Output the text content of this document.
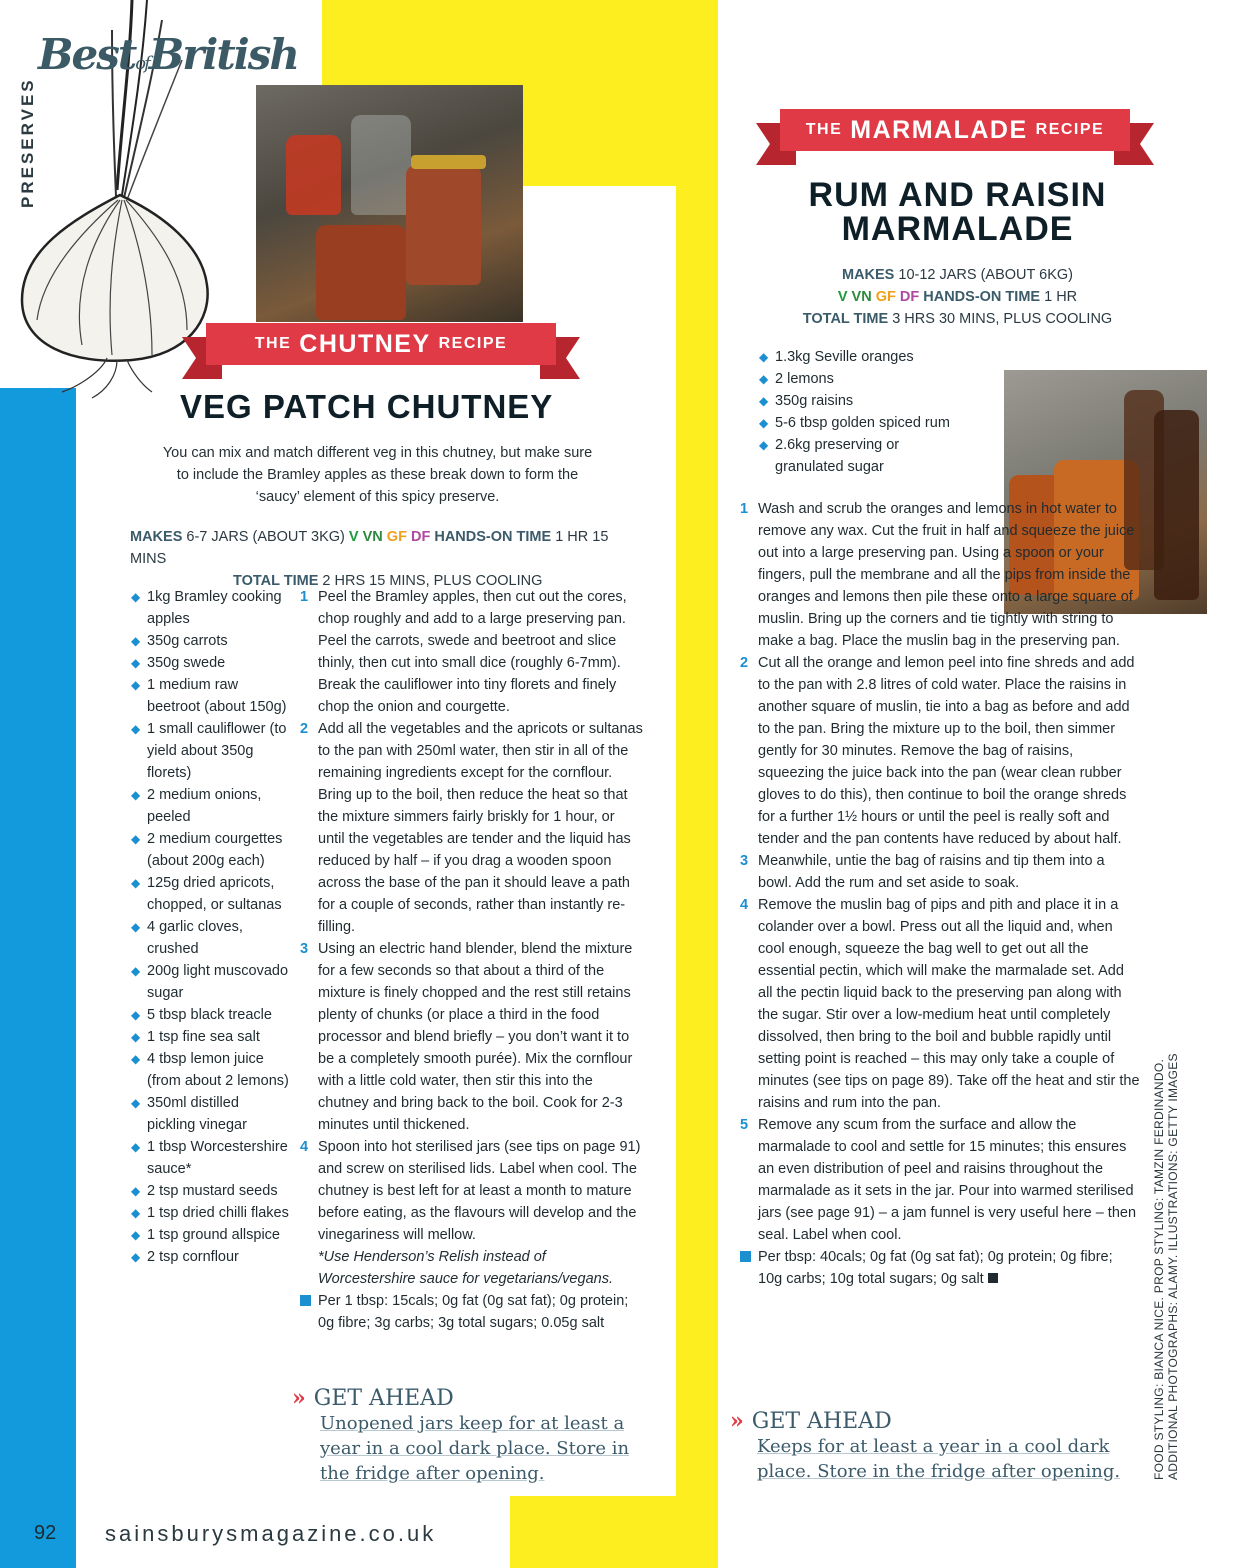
BestofBritish
PRESERVES
THE CHUTNEY RECIPE
VEG PATCH CHUTNEY
You can mix and match different veg in this chutney, but make sure to include the Bramley apples as these break down to form the ‘saucy’ element of this spicy preserve.
MAKES 6-7 JARS (ABOUT 3KG) V VN GF DF HANDS-ON TIME 1 HR 15 MINS
TOTAL TIME 2 HRS 15 MINS, PLUS COOLING
◆ 1kg Bramley cooking apples
◆ 350g carrots
◆ 350g swede
◆ 1 medium raw beetroot (about 150g)
◆ 1 small cauliflower (to yield about 350g florets)
◆ 2 medium onions, peeled
◆ 2 medium courgettes (about 200g each)
◆ 125g dried apricots, chopped, or sultanas
◆ 4 garlic cloves, crushed
◆ 200g light muscovado sugar
◆ 5 tbsp black treacle
◆ 1 tsp fine sea salt
◆ 4 tbsp lemon juice (from about 2 lemons)
◆ 350ml distilled pickling vinegar
◆ 1 tbsp Worcestershire sauce*
◆ 2 tsp mustard seeds
◆ 1 tsp dried chilli flakes
◆ 1 tsp ground allspice
◆ 2 tsp cornflour
1 Peel the Bramley apples, then cut out the cores, chop roughly and add to a large preserving pan. Peel the carrots, swede and beetroot and slice thinly, then cut into small dice (roughly 6-7mm). Break the cauliflower into tiny florets and finely chop the onion and courgette.
2 Add all the vegetables and the apricots or sultanas to the pan with 250ml water, then stir in all of the remaining ingredients except for the cornflour. Bring up to the boil, then reduce the heat so that the mixture simmers fairly briskly for 1 hour, or until the vegetables are tender and the liquid has reduced by half – if you drag a wooden spoon across the base of the pan it should leave a path for a couple of seconds, rather than instantly re-filling.
3 Using an electric hand blender, blend the mixture for a few seconds so that about a third of the mixture is finely chopped and the rest still retains plenty of chunks (or place a third in the food processor and blend briefly – you don’t want it to be a completely smooth purée). Mix the cornflour with a little cold water, then stir this into the chutney and bring back to the boil. Cook for 2-3 minutes until thickened.
4 Spoon into hot sterilised jars (see tips on page 91) and screw on sterilised lids. Label when cool. The chutney is best left for at least a month to mature before eating, as the flavours will develop and the vinegariness will mellow.
*Use Henderson’s Relish instead of Worcestershire sauce for vegetarians/vegans.
Per 1 tbsp: 15cals; 0g fat (0g sat fat); 0g protein; 0g fibre; 3g carbs; 3g total sugars; 0.05g salt
» GET AHEAD
Unopened jars keep for at least a year in a cool dark place. Store in the fridge after opening.
THE MARMALADE RECIPE
RUM AND RAISIN
MARMALADE
MAKES 10-12 JARS (ABOUT 6KG)
V VN GF DF HANDS-ON TIME 1 HR
TOTAL TIME 3 HRS 30 MINS, PLUS COOLING
◆ 1.3kg Seville oranges
◆ 2 lemons
◆ 350g raisins
◆ 5-6 tbsp golden spiced rum
◆ 2.6kg preserving or granulated sugar
1 Wash and scrub the oranges and lemons in hot water to remove any wax. Cut the fruit in half and squeeze the juice out into a large preserving pan. Using a spoon or your fingers, pull the membrane and all the pips from inside the oranges and lemons then pile these onto a large square of muslin. Bring up the corners and tie tightly with string to make a bag. Place the muslin bag in the preserving pan.
2 Cut all the orange and lemon peel into fine shreds and add to the pan with 2.8 litres of cold water. Place the raisins in another square of muslin, tie into a bag as before and add to the pan. Bring the mixture up to the boil, then simmer gently for 30 minutes. Remove the bag of raisins, squeezing the juice back into the pan (wear clean rubber gloves to do this), then continue to boil the orange shreds for a further 1½ hours or until the peel is really soft and tender and the pan contents have reduced by about half.
3 Meanwhile, untie the bag of raisins and tip them into a bowl. Add the rum and set aside to soak.
4 Remove the muslin bag of pips and pith and place it in a colander over a bowl. Press out all the liquid and, when cool enough, squeeze the bag well to get out all the essential pectin, which will make the marmalade set. Add all the pectin liquid back to the preserving pan along with the sugar. Stir over a low-medium heat until completely dissolved, then bring to the boil and bubble rapidly until setting point is reached – this may only take a couple of minutes (see tips on page 89). Take off the heat and stir the raisins and rum into the pan.
5 Remove any scum from the surface and allow the marmalade to cool and settle for 15 minutes; this ensures an even distribution of peel and raisins throughout the marmalade as it sets in the jar. Pour into warmed sterilised jars (see page 91) – a jam funnel is very useful here – then seal. Label when cool.
Per tbsp: 40cals; 0g fat (0g sat fat); 0g protein; 0g fibre; 10g carbs; 10g total sugars; 0g salt
» GET AHEAD
Keeps for at least a year in a cool dark place. Store in the fridge after opening.	FOOD STYLING: BIANCA NICE. PROP STYLING: TAMZIN FERDINANDO. ADDITIONAL PHOTOGRAPHS: ALAMY. ILLUSTRATIONS: GETTY IMAGES
92 sainsburysmagazine.co.uk
